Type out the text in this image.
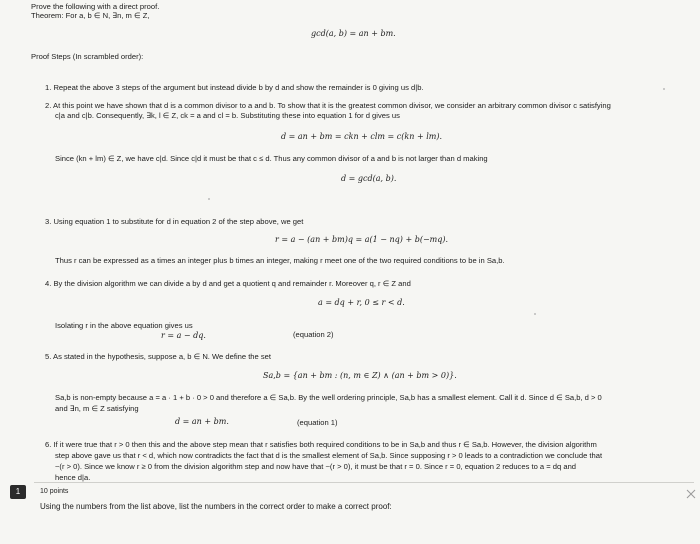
Prove the following with a direct proof.
Theorem: For a, b ∈ N, ∃n, m ∈ Z,
gcd(a, b) = an + bm.
Proof Steps (In scrambled order):
1. Repeat the above 3 steps of the argument but instead divide b by d and show the remainder is 0 giving us d|b.
2. At this point we have shown that d is a common divisor to a and b. To show that it is the greatest common divisor, we consider an arbitrary common divisor c satisfying
c|a and c|b. Consequently, ∃k, l ∈ Z, ck = a and cl = b. Substituting these into equation 1 for d gives us
d = an + bm = ckn + clm = c(kn + lm).
Since (kn + lm) ∈ Z, we have c|d. Since c|d it must be that c ≤ d. Thus any common divisor of a and b is not larger than d making
d = gcd(a, b).
3. Using equation 1 to substitute for d in equation 2 of the step above, we get
r = a − (an + bm)q = a(1 − nq) + b(−mq).
Thus r can be expressed as a times an integer plus b times an integer, making r meet one of the two required conditions to be in Sa,b.
4. By the division algorithm we can divide a by d and get a quotient q and remainder r. Moreover q, r ∈ Z and
a = dq + r, 0 ≤ r < d.
Isolating r in the above equation gives us
r = a − dq.	(equation 2)
5. As stated in the hypothesis, suppose a, b ∈ N. We define the set
Sa,b = {an + bm : (n, m ∈ Z) ∧ (an + bm > 0)}.
Sa,b is non-empty because a = a · 1 + b · 0 > 0 and therefore a ∈ Sa,b. By the well ordering principle, Sa,b has a smallest element. Call it d. Since d ∈ Sa,b, d > 0
and ∃n, m ∈ Z satisfying
d = an + bm.	(equation 1)
6. If it were true that r > 0 then this and the above step mean that r satisfies both required conditions to be in Sa,b and thus r ∈ Sa,b. However, the division algorithm
step above gave us that r < d, which now contradicts the fact that d is the smallest element of Sa,b. Since supposing r > 0 leads to a contradiction we conclude that
~(r > 0). Since we know r ≥ 0 from the division algorithm step and now have that ~(r > 0), it must be that r = 0. Since r = 0, equation 2 reduces to a = dq and
hence d|a.
1	10 points
Using the numbers from the list above, list the numbers in the correct order to make a correct proof:
